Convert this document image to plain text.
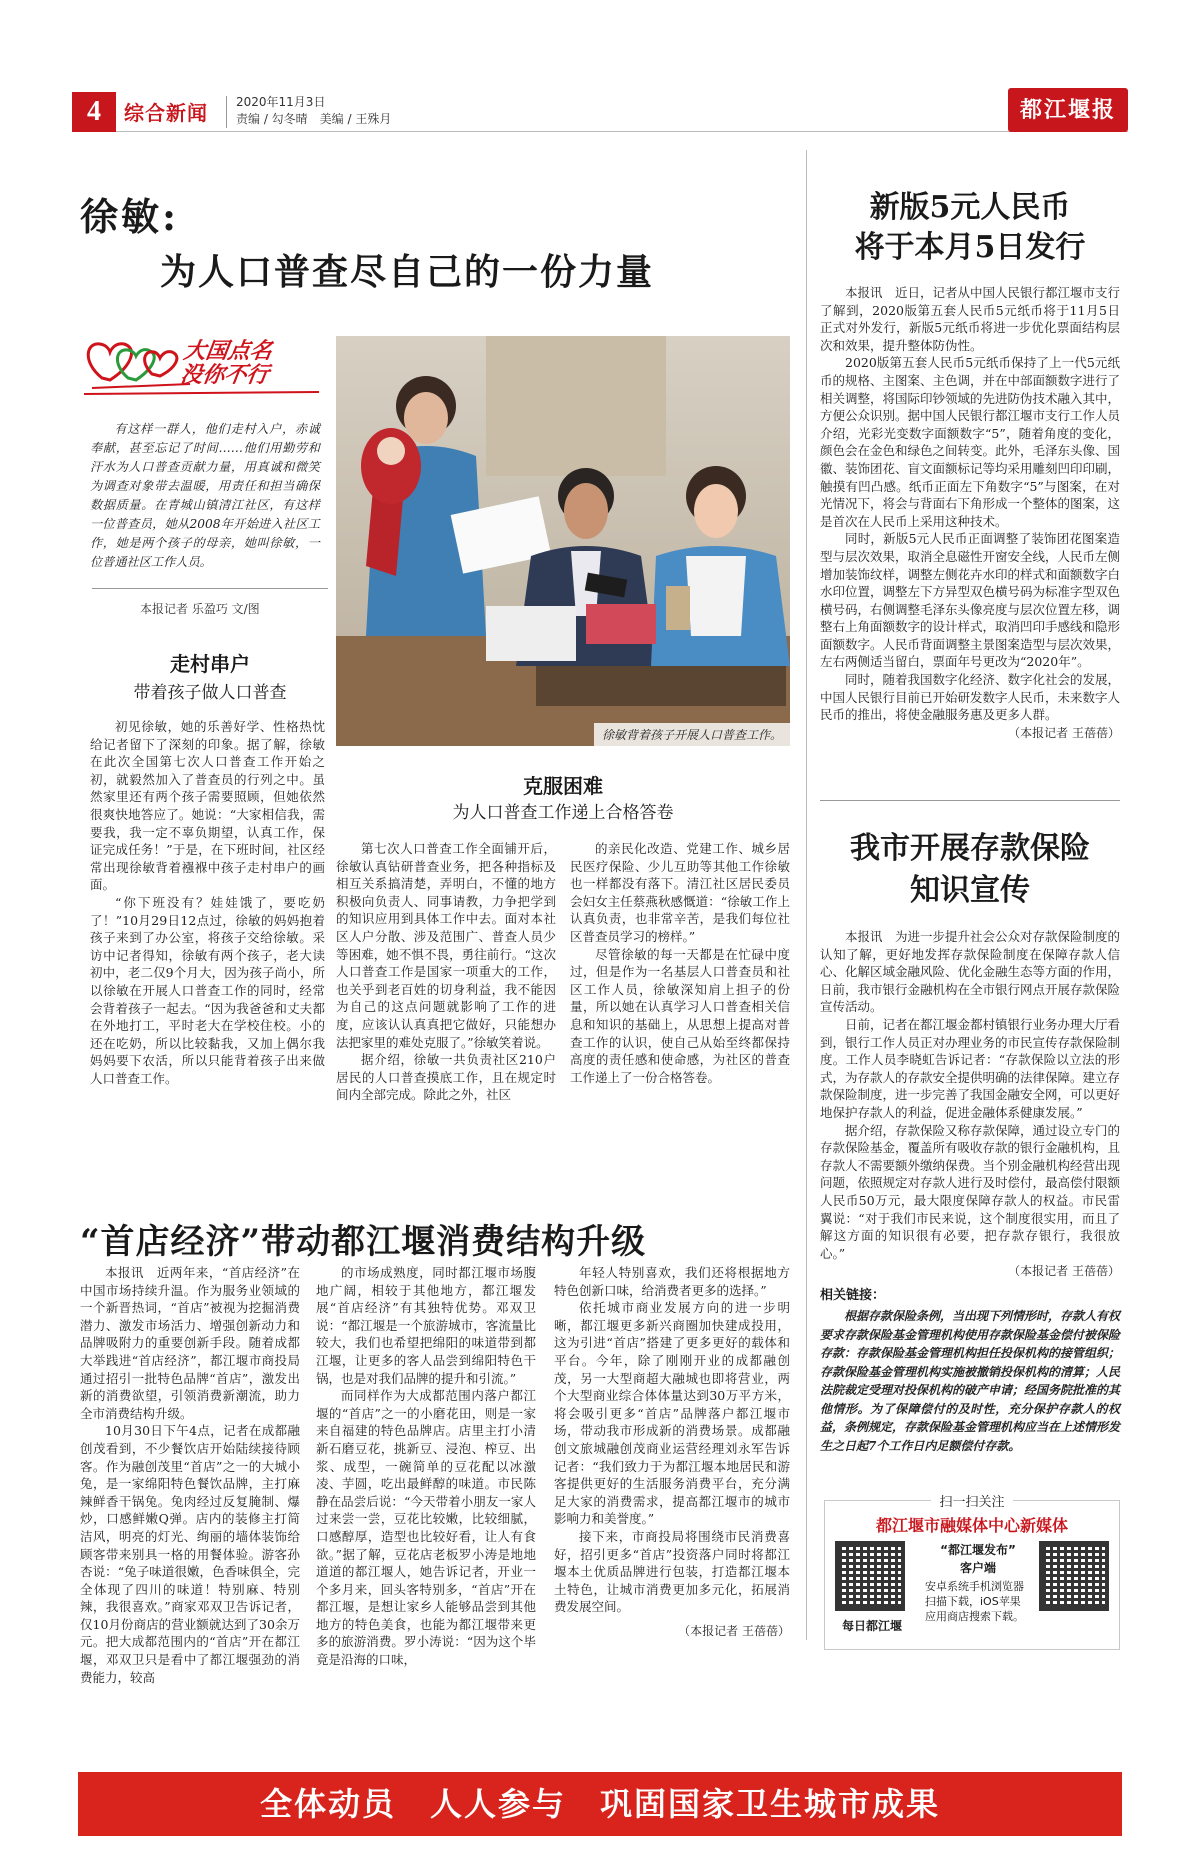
4	综合新闻 2020年11月3日
责编 / 勾冬晴　美编 / 王殊月	都江堰报
徐敏:
为人口普查尽自己的一份力量
大国点名
没你不行

有这样一群人，他们走村入户，赤诚奉献，甚至忘记了时间……他们用勤劳和汗水为人口普查贡献力量，用真诚和微笑为调查对象带去温暖，用责任和担当确保数据质量。在青城山镇清江社区，有这样一位普查员，她从2008年开始进入社区工作，她是两个孩子的母亲，她叫徐敏，一位普通社区工作人员。

本报记者 乐盈巧 文/图
走村串户
带着孩子做人口普查

初见徐敏，她的乐善好学、性格热忱给记者留下了深刻的印象。据了解，徐敏在此次全国第七次人口普查工作开始之初，就毅然加入了普查员的行列之中。虽然家里还有两个孩子需要照顾，但她依然很爽快地答应了。她说：“大家相信我，需要我，我一定不辜负期望，认真工作，保证完成任务！”于是，在下班时间，社区经常出现徐敏背着襁褓中孩子走村串户的画面。

“你下班没有？娃娃饿了，要吃奶了！”10月29日12点过，徐敏的妈妈抱着孩子来到了办公室，将孩子交给徐敏。采访中记者得知，徐敏有两个孩子，老大读初中，老二仅9个月大，因为孩子尚小，所以徐敏在开展人口普查工作的同时，经常会背着孩子一起去。“因为我爸爸和丈夫都在外地打工，平时老大在学校住校。小的还在吃奶，所以比较黏我，又加上偶尔我妈妈要下农活，所以只能背着孩子出来做人口普查工作。

徐敏背着孩子开展人口普查工作。
克服困难
为人口普查工作递上合格答卷

第七次人口普查工作全面铺开后，徐敏认真钻研普查业务，把各种指标及相互关系搞清楚，弄明白，不懂的地方积极向负责人、同事请教，力争把学到的知识应用到具体工作中去。面对本社区人户分散、涉及范围广、普查人员少等困难，她不惧不畏，勇往前行。“这次人口普查工作是国家一项重大的工作，也关乎到老百姓的切身利益，我不能因为自己的这点问题就影响了工作的进度，应该认认真真把它做好，只能想办法把家里的难处克服了。”徐敏笑着说。

据介绍，徐敏一共负责社区210户居民的人口普查摸底工作，且在规定时间内全部完成。除此之外，社区

的亲民化改造、党建工作、城乡居民医疗保险、少儿互助等其他工作徐敏也一样都没有落下。清江社区居民委员会妇女主任蔡燕秋感慨道：“徐敏工作上认真负责，也非常辛苦，是我们每位社区普查员学习的榜样。”

尽管徐敏的每一天都是在忙碌中度过，但是作为一名基层人口普查员和社区工作人员，徐敏深知肩上担子的份量，所以她在认真学习人口普查相关信息和知识的基础上，从思想上提高对普查工作的认识，使自己从始至终都保持高度的责任感和使命感，为社区的普查工作递上了一份合格答卷。

新版5元人民币
将于本月5日发行

本报讯　近日，记者从中国人民银行都江堰市支行了解到，2020版第五套人民币5元纸币将于11月5日正式对外发行，新版5元纸币将进一步优化票面结构层次和效果，提升整体防伪性。

2020版第五套人民币5元纸币保持了上一代5元纸币的规格、主图案、主色调，并在中部面额数字进行了相关调整，将国际印钞领域的先进防伪技术融入其中，方便公众识别。据中国人民银行都江堰市支行工作人员介绍，光彩光变数字面额数字“5”，随着角度的变化，颜色会在金色和绿色之间转变。此外，毛泽东头像、国徽、装饰团花、盲文面额标记等均采用雕刻凹印印刷，触摸有凹凸感。纸币正面左下角数字“5”与图案，在对光情况下，将会与背面右下角形成一个整体的图案，这是首次在人民币上采用这种技术。

同时，新版5元人民币正面调整了装饰团花图案造型与层次效果，取消全息磁性开窗安全线，人民币左侧增加装饰纹样，调整左侧花卉水印的样式和面额数字白水印位置，调整左下方异型双色横号码为标准字型双色横号码，右侧调整毛泽东头像亮度与层次位置左移，调整右上角面额数字的设计样式，取消凹印手感线和隐形面额数字。人民币背面调整主景图案造型与层次效果，左右两侧适当留白，票面年号更改为“2020年”。

同时，随着我国数字化经济、数字化社会的发展，中国人民银行目前已开始研发数字人民币，未来数字人民币的推出，将使金融服务惠及更多人群。

（本报记者 王蓓蓓）
我市开展存款保险
知识宣传

本报讯　为进一步提升社会公众对存款保险制度的认知了解，更好地发挥存款保险制度在保障存款人信心、化解区域金融风险、优化金融生态等方面的作用，日前，我市银行金融机构在全市银行网点开展存款保险宣传活动。

日前，记者在都江堰金都村镇银行业务办理大厅看到，银行工作人员正对办理业务的市民宣传存款保险制度。工作人员李晓虹告诉记者：“存款保险以立法的形式，为存款人的存款安全提供明确的法律保障。建立存款保险制度，进一步完善了我国金融安全网，可以更好地保护存款人的利益，促进金融体系健康发展。”

据介绍，存款保险又称存款保障，通过设立专门的存款保险基金，覆盖所有吸收存款的银行金融机构，且存款人不需要额外缴纳保费。当个别金融机构经营出现问题，依照规定对存款人进行及时偿付，最高偿付限额人民币50万元，最大限度保障存款人的权益。市民雷翼说：“对于我们市民来说，这个制度很实用，而且了解这方面的知识很有必要，把存款存银行，我很放心。”

（本报记者 王蓓蓓）
相关链接：

根据存款保险条例，当出现下列情形时，存款人有权要求存款保险基金管理机构使用存款保险基金偿付被保险存款：存款保险基金管理机构担任投保机构的接管组织；存款保险基金管理机构实施被撤销投保机构的清算；人民法院裁定受理对投保机构的破产申请；经国务院批准的其他情形。为了保障偿付的及时性，充分保护存款人的权益，条例规定，存款保险基金管理机构应当在上述情形发生之日起7个工作日内足额偿付存款。

扫一扫关注
都江堰市融媒体中心新媒体
每日都江堰
“都江堰发布”
客户端
安卓系统手机浏览器扫描下载，iOS苹果应用商店搜索下载。
“首店经济”带动都江堰消费结构升级

本报讯　近两年来，“首店经济”在中国市场持续升温。作为服务业领域的一个新晋热词，“首店”被视为挖掘消费潜力、激发市场活力、增强创新动力和品牌吸附力的重要创新手段。随着成都大举践进“首店经济”，都江堰市商投局通过招引一批特色品牌“首店”，激发出新的消费欲望，引领消费新潮流，助力全市消费结构升级。

10月30日下午4点，记者在成都融创茂看到，不少餐饮店开始陆续接待顾客。作为融创茂里“首店”之一的大城小兔，是一家绵阳特色餐饮品牌，主打麻辣鲜香干锅兔。兔肉经过反复腌制、爆炒，口感鲜嫩Q弹。店内的装修主打简洁风，明亮的灯光、绚丽的墙体装饰给顾客带来别具一格的用餐体验。游客孙杏说：“兔子味道很嫩，色香味俱全，完全体现了四川的味道！特别麻、特别辣，我很喜欢。”商家邓双卫告诉记者，仅10月份商店的营业额就达到了30余万元。把大成都范围内的“首店”开在都江堰，邓双卫只是看中了都江堰强劲的消费能力，较高

的市场成熟度，同时都江堰市场腹地广阔，相较于其他地方，都江堰发展“首店经济”有其独特优势。邓双卫说：“都江堰是一个旅游城市，客流量比较大，我们也希望把绵阳的味道带到都江堰，让更多的客人品尝到绵阳特色干锅，也是对我们品牌的提升和引流。”

而同样作为大成都范围内落户都江堰的“首店”之一的小磨花田，则是一家来自福建的特色品牌店。店里主打小清新石磨豆花，挑新豆、浸泡、榨豆、出浆、成型，一碗简单的豆花配以冰激凌、芋圆，吃出最鲜醇的味道。市民陈静在品尝后说：“今天带着小朋友一家人过来尝一尝，豆花比较嫩，比较细腻，口感醇厚，造型也比较好看，让人有食欲。”据了解，豆花店老板罗小涛是地地道道的都江堰人，她告诉记者，开业一个多月来，回头客特别多，“首店”开在都江堰，是想让家乡人能够品尝到其他地方的特色美食，也能为都江堰带来更多的旅游消费。罗小涛说：“因为这个毕竟是沿海的口味，

年轻人特别喜欢，我们还将根据地方特色创新口味，给消费者更多的选择。”

依托城市商业发展方向的进一步明晰，都江堰更多新兴商圈加快建成投用，这为引进“首店”搭建了更多更好的载体和平台。今年，除了刚刚开业的成都融创茂，另一大型商超大融城也即将营业，两个大型商业综合体体量达到30万平方米，将会吸引更多“首店”品牌落户都江堰市场，带动我市形成新的消费场景。成都融创文旅城融创茂商业运营经理刘永军告诉记者：“我们致力于为都江堰本地居民和游客提供更好的生活服务消费平台，充分满足大家的消费需求，提高都江堰市的城市影响力和美誉度。”

接下来，市商投局将围绕市民消费喜好，招引更多“首店”投资落户同时将都江堰本土优质品牌进行包装，打造都江堰本土特色，让城市消费更加多元化，拓展消费发展空间。

（本报记者 王蓓蓓）
全体动员　人人参与　巩固国家卫生城市成果
